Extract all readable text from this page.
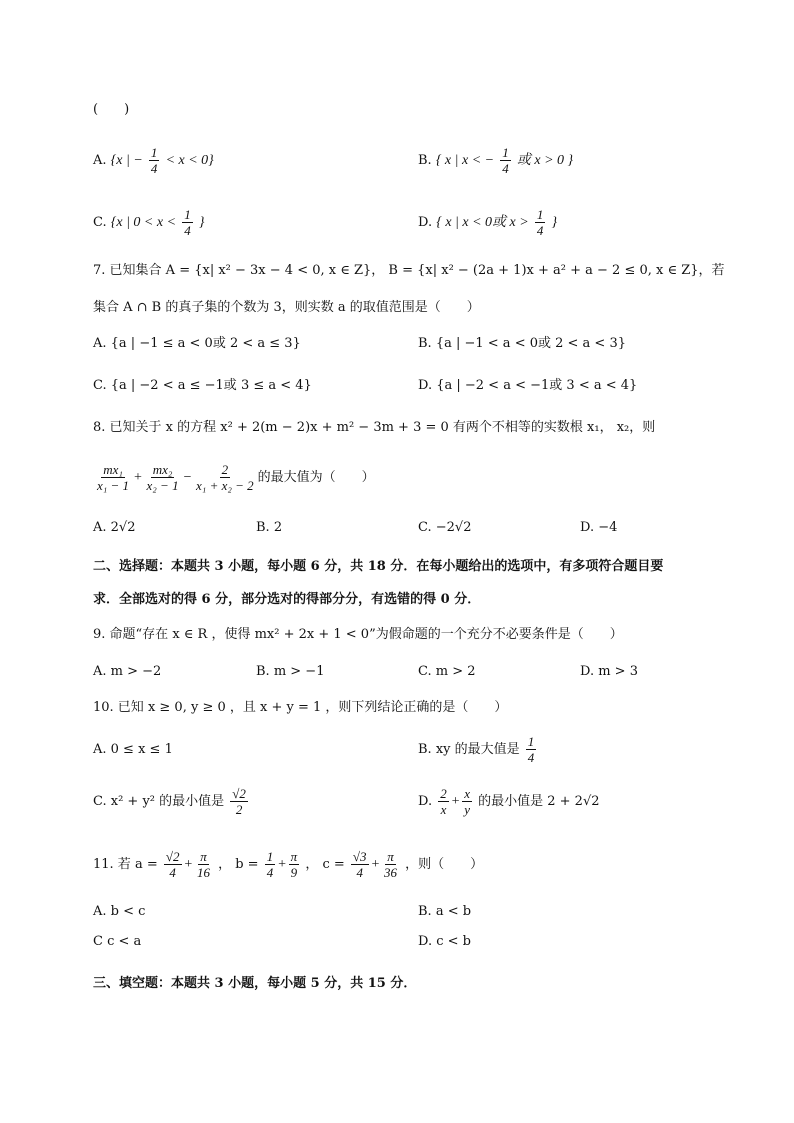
(　　)
A. {x | − $\frac{1}{4} < x < 0$}	B. { x | x < − $\frac{1}{4}$ 或 x > 0 }
C. {x | $0 < x < \frac{1}{4}$ }	D. { x | x < 0或 $x > \frac{1}{4}$ }
7. 已知集合 A = {x| x² − 3x − 4 < 0, x ∈ Z}， B = {x| x² − (2a + 1)x + a² + a − 2 ≤ 0, x ∈ Z}，若
集合 A ∩ B 的真子集的个数为 3，则实数 a 的取值范围是（　　）
A. {a | −1 ≤ a < 0或 2 < a ≤ 3}	B. {a | −1 < a < 0或 2 < a < 3}
C. {a | −2 < a ≤ −1或 3 ≤ a < 4}	D. {a | −2 < a < −1或 3 < a < 4}
8. 已知关于 x 的方程 x² + 2(m − 2)x + m² − 3m + 3 = 0 有两个不相等的实数根 x₁， x₂，则
$\frac{\text{mx₁}}{\text{x₁ − 1}} + \frac{\text{mx₂}}{\text{x₂ − 1}} - \frac{2}{\text{x₁ + x₂ − 2}}$ 的最大值为（　　）
A. 2√2	B. 2	C. −2√2	D. −4
二、选择题：本题共 3 小题，每小题 6 分，共 18 分．在每小题给出的选项中，有多项符合题目要
求．全部选对的得 6 分，部分选对的得部分分，有选错的得 0 分．
9. 命题“存在 x ∈ R ，使得 mx² + 2x + 1 < 0”为假命题的一个充分不必要条件是（　　）
A. m > −2	B. m > −1	C. m > 2	D. m > 3
10. 已知 x ≥ 0, y ≥ 0 ，且 x + y = 1 ，则下列结论正确的是（　　）
A. 0 ≤ x ≤ 1	B. xy 的最大值是 $\frac{1}{4}$
C. x² + y² 的最小值是 $\frac{√2}{2}$	D. $\frac{2}{x} + \frac{x}{y}$ 的最小值是 2 + 2√2
11. 若 $a = \frac{√2}{4} + \frac{\pi}{16}$ ， $b = \frac{1}{4} + \frac{\pi}{9}$ ， $c = \frac{√3}{4} + \frac{\pi}{36}$ ，则（　　）
A. b < c	B. a < b
C c < a	D. c < b
三、填空题：本题共 3 小题，每小题 5 分，共 15 分．
